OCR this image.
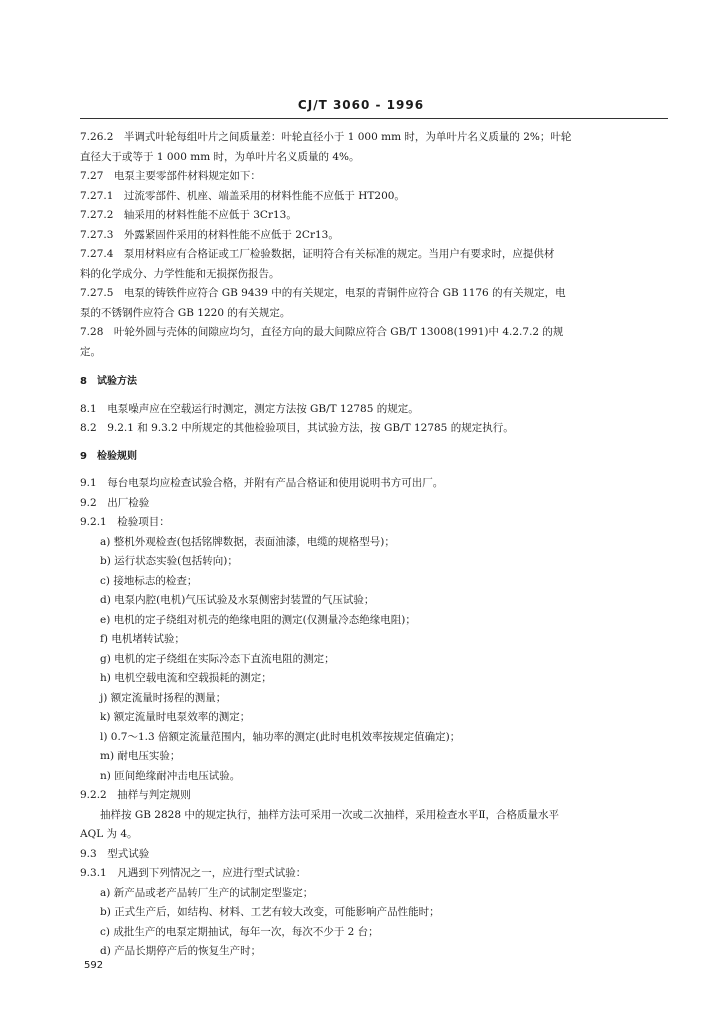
CJ/T 3060 - 1996
7.26.2　半调式叶轮每组叶片之间质量差：叶轮直径小于 1 000 mm 时，为单叶片名义质量的 2%；叶轮
直径大于或等于 1 000 mm 时，为单叶片名义质量的 4%。
7.27　电泵主要零部件材料规定如下：
7.27.1　过流零部件、机座、端盖采用的材料性能不应低于 HT200。
7.27.2　轴采用的材料性能不应低于 3Cr13。
7.27.3　外露紧固件采用的材料性能不应低于 2Cr13。
7.27.4　泵用材料应有合格证或工厂检验数据，证明符合有关标准的规定。当用户有要求时，应提供材
料的化学成分、力学性能和无损探伤报告。
7.27.5　电泵的铸铁件应符合 GB 9439 中的有关规定，电泵的青铜件应符合 GB 1176 的有关规定，电
泵的不锈钢件应符合 GB 1220 的有关规定。
7.28　叶轮外圆与壳体的间隙应均匀，直径方向的最大间隙应符合 GB/T 13008(1991)中 4.2.7.2 的规
定。
8　试验方法
8.1　电泵噪声应在空载运行时测定，测定方法按 GB/T 12785 的规定。
8.2　9.2.1 和 9.3.2 中所规定的其他检验项目，其试验方法，按 GB/T 12785 的规定执行。
9　检验规则
9.1　每台电泵均应检查试验合格，并附有产品合格证和使用说明书方可出厂。
9.2　出厂检验
9.2.1　检验项目：
a) 整机外观检查(包括铭牌数据，表面油漆，电缆的规格型号)；
b) 运行状态实验(包括转向)；
c) 接地标志的检查；
d) 电泵内腔(电机)气压试验及水泵侧密封装置的气压试验；
e) 电机的定子绕组对机壳的绝缘电阻的测定(仅测量冷态绝缘电阻)；
f) 电机堵转试验；
g) 电机的定子绕组在实际冷态下直流电阻的测定；
h) 电机空载电流和空载损耗的测定；
j) 额定流量时扬程的测量；
k) 额定流量时电泵效率的测定；
l) 0.7～1.3 倍额定流量范围内，轴功率的测定(此时电机效率按规定值确定)；
m) 耐电压实验；
n) 匝间绝缘耐冲击电压试验。
9.2.2　抽样与判定规则
抽样按 GB 2828 中的规定执行，抽样方法可采用一次或二次抽样，采用检查水平Ⅱ，合格质量水平
AQL 为 4。
9.3　型式试验
9.3.1　凡遇到下列情况之一，应进行型式试验：
a) 新产品或老产品转厂生产的试制定型鉴定；
b) 正式生产后，如结构、材料、工艺有较大改变，可能影响产品性能时；
c) 成批生产的电泵定期抽试，每年一次，每次不少于 2 台；
d) 产品长期停产后的恢复生产时；
592
